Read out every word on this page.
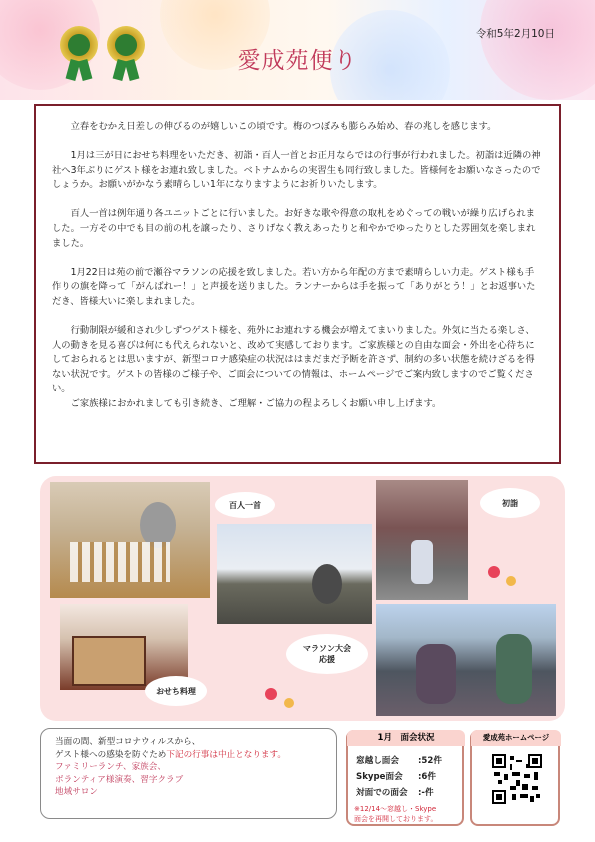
令和5年2月10日
愛成苑便り

立春をむかえ日差しの伸びるのが嬉しいこの頃です。梅のつぼみも膨らみ始め、春の兆しを感じます。

1月は三が日におせち料理をいただき、初詣・百人一首とお正月ならではの行事が行われました。初詣は近隣の神社へ3年ぶりにゲスト様をお連れ致しました。ベトナムからの実習生も同行致しました。皆様何をお願いなさったのでしょうか。お願いがかなう素晴らしい1年になりますようにお祈りいたします。

百人一首は例年通り各ユニットごとに行いました。お好きな歌や得意の取札をめぐっての戦いが繰り広げられました。一方その中でも目の前の札を譲ったり、さりげなく教えあったりと和やかでゆったりとした雰囲気を楽しまれました。

1月22日は苑の前で瀬谷マラソンの応援を致しました。若い方から年配の方まで素晴らしい力走。ゲスト様も手作りの旗を降って「がんばれー！」と声援を送りました。ランナーからは手を振って「ありがとう！」とお返事いただき、皆様大いに楽しまれました。

行動制限が緩和され少しずつゲスト様を、苑外にお連れする機会が増えてまいりました。外気に当たる楽しさ、人の動きを見る喜びは何にも代えられないと、改めて実感しております。ご家族様との自由な面会・外出を心待ちにしておられるとは思いますが、新型コロナ感染症の状況ははまだまだ予断を許さず、制約の多い状態を続けざるを得ない状況です。ゲストの皆様のご様子や、ご面会についての情報は、ホームページでご案内致しますのでご覧ください。

ご家族様におかれましても引き続き、ご理解・ご協力の程よろしくお願い申し上げます。

百人一首
マラソン大会
応援
初詣
おせち料理
当面の間、新型コロナウィルスから、
ゲスト様への感染を防ぐため下記の行事は中止となります。
ファミリーランチ、家族会、
ボランティア様演奏、習字クラブ
地域サロン
1月　面会状況
窓越し面会 :52件
Skype面会 :6件
対面での面会 :-件
※12/14～窓越し・Skype
面会を再開しております。
愛成苑ホームページ
